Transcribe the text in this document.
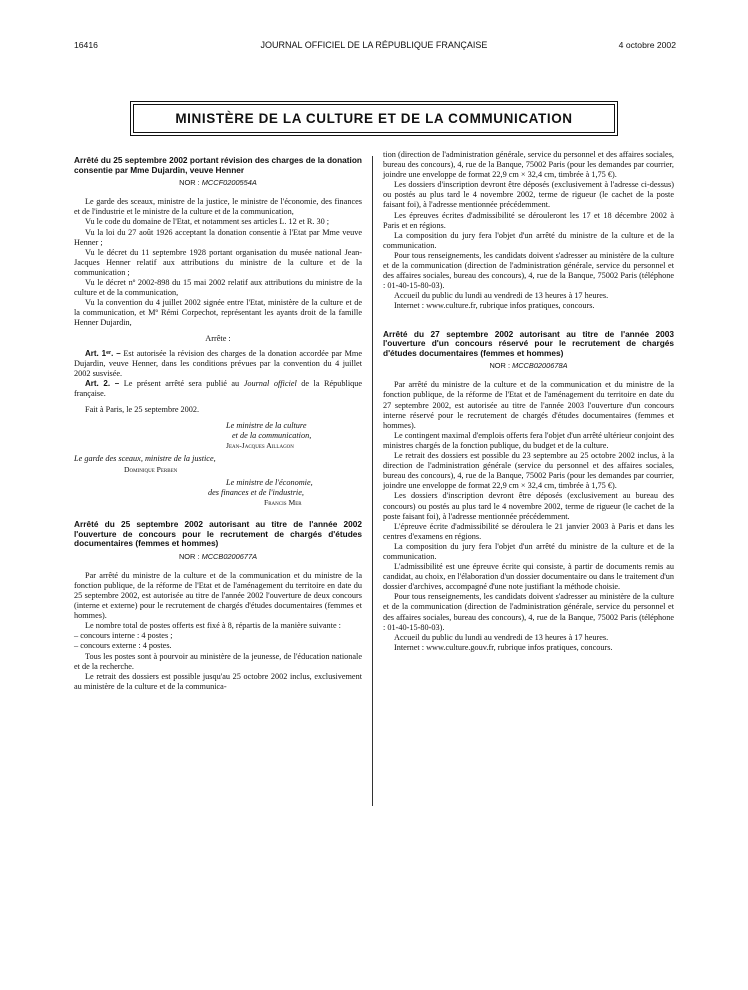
16416	JOURNAL OFFICIEL DE LA RÉPUBLIQUE FRANÇAISE	4 octobre 2002
MINISTÈRE DE LA CULTURE ET DE LA COMMUNICATION
Arrêté du 25 septembre 2002 portant révision des charges de la donation consentie par Mme Dujardin, veuve Henner
NOR : MCCF0200554A

Le garde des sceaux, ministre de la justice, le ministre de l'économie, des finances et de l'industrie et le ministre de la culture et de la communication,

Vu le code du domaine de l'Etat, et notamment ses articles L. 12 et R. 30 ;

Vu la loi du 27 août 1926 acceptant la donation consentie à l'Etat par Mme veuve Henner ;

Vu le décret du 11 septembre 1928 portant organisation du musée national Jean-Jacques Henner relatif aux attributions du ministre de la culture et de la communication ;

Vu le décret nº 2002-898 du 15 mai 2002 relatif aux attributions du ministre de la culture et de la communication,

Vu la convention du 4 juillet 2002 signée entre l'Etat, ministère de la culture et de la communication, et Mº Rémi Corpechot, représentant les ayants droit de la famille Henner Dujardin,

Arrête :

Art. 1ᵉʳ. – Est autorisée la révision des charges de la donation accordée par Mme Dujardin, veuve Henner, dans les conditions prévues par la convention du 4 juillet 2002 susvisée.

Art. 2. – Le présent arrêté sera publié au Journal officiel de la République française.

Fait à Paris, le 25 septembre 2002.

Le ministre de la culture

et de la communication,

Jean-Jacques Aillagon

Le garde des sceaux, ministre de la justice,

Dominique Perben

Le ministre de l'économie,

des finances et de l'industrie,

Francis Mer

Arrêté du 25 septembre 2002 autorisant au titre de l'année 2002 l'ouverture de concours pour le recrutement de chargés d'études documentaires (femmes et hommes)
NOR : MCCB0200677A

Par arrêté du ministre de la culture et de la communication et du ministre de la fonction publique, de la réforme de l'Etat et de l'aménagement du territoire en date du 25 septembre 2002, est autorisée au titre de l'année 2002 l'ouverture de deux concours (interne et externe) pour le recrutement de chargés d'études documentaires (femmes et hommes).

Le nombre total de postes offerts est fixé à 8, répartis de la manière suivante :

– concours interne : 4 postes ;

– concours externe : 4 postes.

Tous les postes sont à pourvoir au ministère de la jeunesse, de l'éducation nationale et de la recherche.

Le retrait des dossiers est possible jusqu'au 25 octobre 2002 inclus, exclusivement au ministère de la culture et de la communica-

tion (direction de l'administration générale, service du personnel et des affaires sociales, bureau des concours), 4, rue de la Banque, 75002 Paris (pour les demandes par courrier, joindre une enveloppe de format 22,9 cm × 32,4 cm, timbrée à 1,75 €).

Les dossiers d'inscription devront être déposés (exclusivement à l'adresse ci-dessus) ou postés au plus tard le 4 novembre 2002, terme de rigueur (le cachet de la poste faisant foi), à l'adresse mentionnée précédemment.

Les épreuves écrites d'admissibilité se dérouleront les 17 et 18 décembre 2002 à Paris et en régions.

La composition du jury fera l'objet d'un arrêté du ministre de la culture et de la communication.

Pour tous renseignements, les candidats doivent s'adresser au ministère de la culture et de la communication (direction de l'administration générale, service du personnel et des affaires sociales, bureau des concours), 4, rue de la Banque, 75002 Paris (téléphone : 01-40-15-80-03).

Accueil du public du lundi au vendredi de 13 heures à 17 heures.

Internet : www.culture.fr, rubrique infos pratiques, concours.

Arrêté du 27 septembre 2002 autorisant au titre de l'année 2003 l'ouverture d'un concours réservé pour le recrutement de chargés d'études documentaires (femmes et hommes)
NOR : MCCB0200678A

Par arrêté du ministre de la culture et de la communication et du ministre de la fonction publique, de la réforme de l'Etat et de l'aménagement du territoire en date du 27 septembre 2002, est autorisée au titre de l'année 2003 l'ouverture d'un concours interne réservé pour le recrutement de chargés d'études documentaires (femmes et hommes).

Le contingent maximal d'emplois offerts fera l'objet d'un arrêté ultérieur conjoint des ministres chargés de la fonction publique, du budget et de la culture.

Le retrait des dossiers est possible du 23 septembre au 25 octobre 2002 inclus, à la direction de l'administration générale (service du personnel et des affaires sociales, bureau des concours), 4, rue de la Banque, 75002 Paris (pour les demandes par courrier, joindre une enveloppe de format 22,9 cm × 32,4 cm, timbrée à 1,75 €).

Les dossiers d'inscription devront être déposés (exclusivement au bureau des concours) ou postés au plus tard le 4 novembre 2002, terme de rigueur (le cachet de la poste faisant foi), à l'adresse mentionnée précédemment.

L'épreuve écrite d'admissibilité se déroulera le 21 janvier 2003 à Paris et dans les centres d'examens en régions.

La composition du jury fera l'objet d'un arrêté du ministre de la culture et de la communication.

L'admissibilité est une épreuve écrite qui consiste, à partir de documents remis au candidat, au choix, en l'élaboration d'un dossier documentaire ou dans le traitement d'un dossier d'archives, accompagné d'une note justifiant la méthode choisie.

Pour tous renseignements, les candidats doivent s'adresser au ministère de la culture et de la communication (direction de l'administration générale, service du personnel et des affaires sociales, bureau des concours), 4, rue de la Banque, 75002 Paris (téléphone : 01-40-15-80-03).

Accueil du public du lundi au vendredi de 13 heures à 17 heures.

Internet : www.culture.gouv.fr, rubrique infos pratiques, concours.
